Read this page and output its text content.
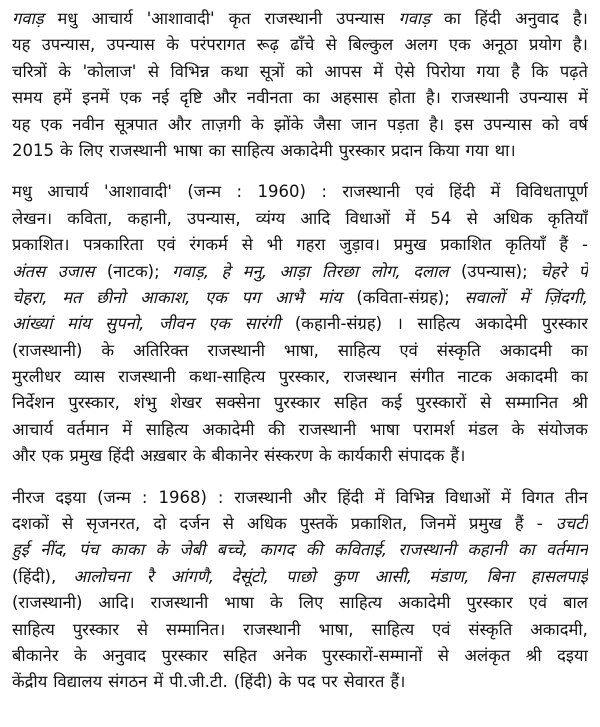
गवाड़ मधु आचार्य 'आशावादी' कृत राजस्थानी उपन्यास गवाड़ का हिंदी अनुवाद है।
यह उपन्यास, उपन्यास के परंपरागत रूढ़ ढाँचे से बिल्कुल अलग एक अनूठा प्रयोग है।
चरित्रों के 'कोलाज' से विभिन्न कथा सूत्रों को आपस में ऐसे पिरोया गया है कि पढ़ते
समय हमें इनमें एक नई दृष्टि और नवीनता का अहसास होता है। राजस्थानी उपन्यास में
यह एक नवीन सूत्रपात और ताज़गी के झोंके जैसा जान पड़ता है। इस उपन्यास को वर्ष
2015 के लिए राजस्थानी भाषा का साहित्य अकादेमी पुरस्कार प्रदान किया गया था।
मधु आचार्य 'आशावादी' (जन्म : 1960) : राजस्थानी एवं हिंदी में विविधतापूर्ण
लेखन। कविता, कहानी, उपन्यास, व्यंग्य आदि विधाओं में 54 से अधिक कृतियाँ
प्रकाशित। पत्रकारिता एवं रंगकर्म से भी गहरा जुड़ाव। प्रमुख प्रकाशित कृतियाँ हैं -
अंतस उजास (नाटक); गवाड़, हे मनु, आड़ा तिरछा लोग, दलाल (उपन्यास); चेहरे पे
चेहरा, मत छीनो आकाश, एक पग आभै मांय (कविता-संग्रह); सवालों में ज़िंदगी,
आंख्यां मांय सुपनो, जीवन एक सारंगी (कहानी-संग्रह) । साहित्य अकादेमी पुरस्कार
(राजस्थानी) के अतिरिक्त राजस्थानी भाषा, साहित्य एवं संस्कृति अकादमी का
मुरलीधर व्यास राजस्थानी कथा-साहित्य पुरस्कार, राजस्थान संगीत नाटक अकादमी का
निर्देशन पुरस्कार, शंभु शेखर सक्सेना पुरस्कार सहित कई पुरस्कारों से सम्मानित श्री
आचार्य वर्तमान में साहित्य अकादेमी की राजस्थानी भाषा परामर्श मंडल के संयोजक
और एक प्रमुख हिंदी अख़बार के बीकानेर संस्करण के कार्यकारी संपादक हैं।
नीरज दइया (जन्म : 1968) : राजस्थानी और हिंदी में विभिन्न विधाओं में विगत तीन
दशकों से सृजनरत, दो दर्जन से अधिक पुस्तकें प्रकाशित, जिनमें प्रमुख हैं - उचटी
हुई नींद, पंच काका के जेबी बच्चे, कागद की कविताई, राजस्थानी कहानी का वर्तमान
(हिंदी), आलोचना रै आंगणै, देसूंटो, पाछो कुण आसी, मंडाण, बिना हासलपाई
(राजस्थानी) आदि। राजस्थानी भाषा के लिए साहित्य अकादेमी पुरस्कार एवं बाल
साहित्य पुरस्कार से सम्मानित। राजस्थानी भाषा, साहित्य एवं संस्कृति अकादमी,
बीकानेर के अनुवाद पुरस्कार सहित अनेक पुरस्कारों-सम्मानों से अलंकृत श्री दइया
केंद्रीय विद्यालय संगठन में पी.जी.टी. (हिंदी) के पद पर सेवारत हैं।
